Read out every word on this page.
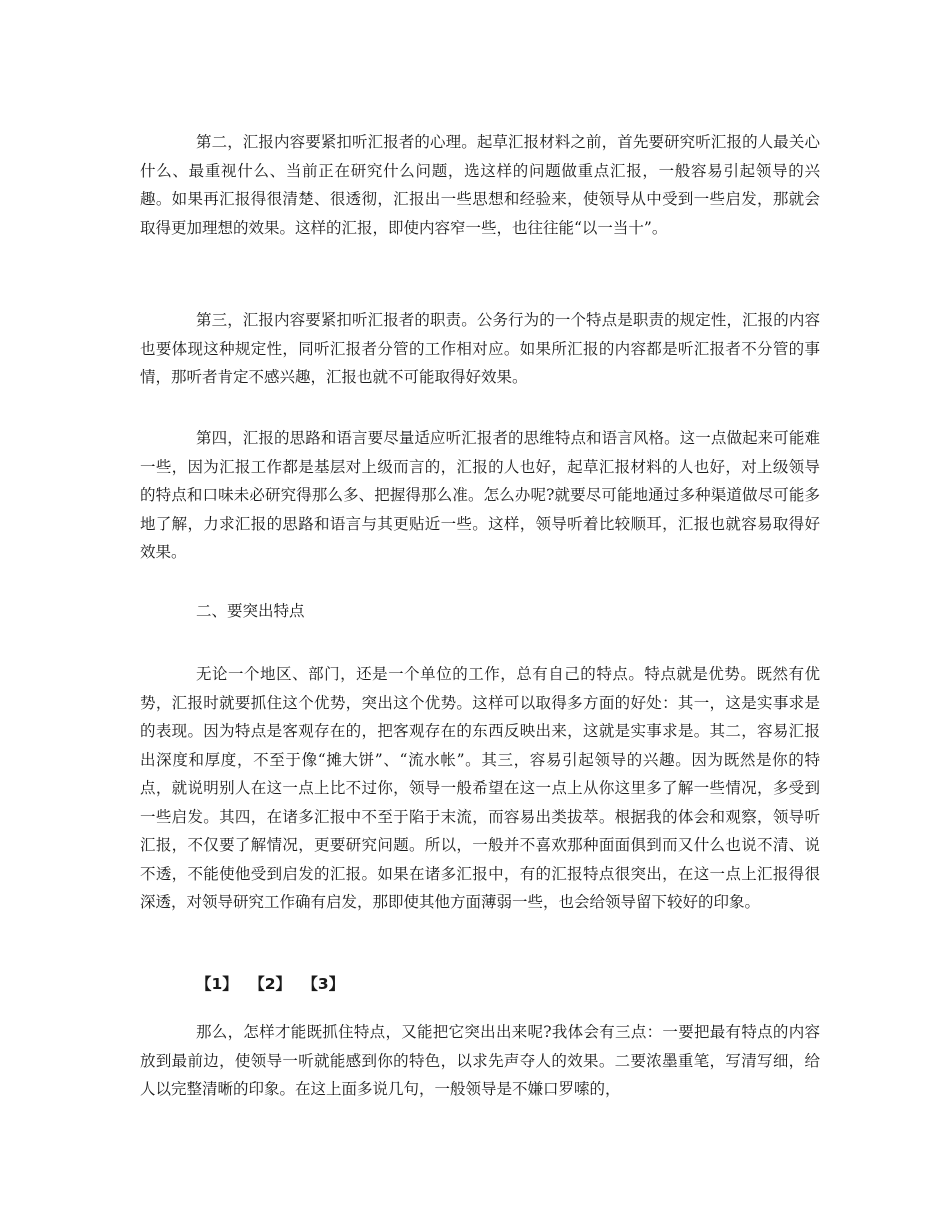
第二，汇报内容要紧扣听汇报者的心理。起草汇报材料之前，首先要研究听汇报的人最关心什么、最重视什么、当前正在研究什么问题，选这样的问题做重点汇报，一般容易引起领导的兴趣。如果再汇报得很清楚、很透彻，汇报出一些思想和经验来，使领导从中受到一些启发，那就会取得更加理想的效果。这样的汇报，即使内容窄一些，也往往能“以一当十”。

第三，汇报内容要紧扣听汇报者的职责。公务行为的一个特点是职责的规定性，汇报的内容也要体现这种规定性，同听汇报者分管的工作相对应。如果所汇报的内容都是听汇报者不分管的事情，那听者肯定不感兴趣，汇报也就不可能取得好效果。

第四，汇报的思路和语言要尽量适应听汇报者的思维特点和语言风格。这一点做起来可能难一些，因为汇报工作都是基层对上级而言的，汇报的人也好，起草汇报材料的人也好，对上级领导的特点和口味未必研究得那么多、把握得那么准。怎么办呢?就要尽可能地通过多种渠道做尽可能多地了解，力求汇报的思路和语言与其更贴近一些。这样，领导听着比较顺耳，汇报也就容易取得好效果。

二、要突出特点

无论一个地区、部门，还是一个单位的工作，总有自己的特点。特点就是优势。既然有优势，汇报时就要抓住这个优势，突出这个优势。这样可以取得多方面的好处：其一，这是实事求是的表现。因为特点是客观存在的，把客观存在的东西反映出来，这就是实事求是。其二，容易汇报出深度和厚度，不至于像“摊大饼”、“流水帐”。其三，容易引起领导的兴趣。因为既然是你的特点，就说明别人在这一点上比不过你，领导一般希望在这一点上从你这里多了解一些情况，多受到一些启发。其四，在诸多汇报中不至于陷于末流，而容易出类拔萃。根据我的体会和观察，领导听汇报，不仅要了解情况，更要研究问题。所以，一般并不喜欢那种面面俱到而又什么也说不清、说不透，不能使他受到启发的汇报。如果在诸多汇报中，有的汇报特点很突出，在这一点上汇报得很深透，对领导研究工作确有启发，那即使其他方面薄弱一些，也会给领导留下较好的印象。

【1】 【2】 【3】

那么，怎样才能既抓住特点，又能把它突出出来呢?我体会有三点：一要把最有特点的内容放到最前边，使领导一听就能感到你的特色，以求先声夺人的效果。二要浓墨重笔，写清写细，给人以完整清晰的印象。在这上面多说几句，一般领导是不嫌口罗嗦的，
